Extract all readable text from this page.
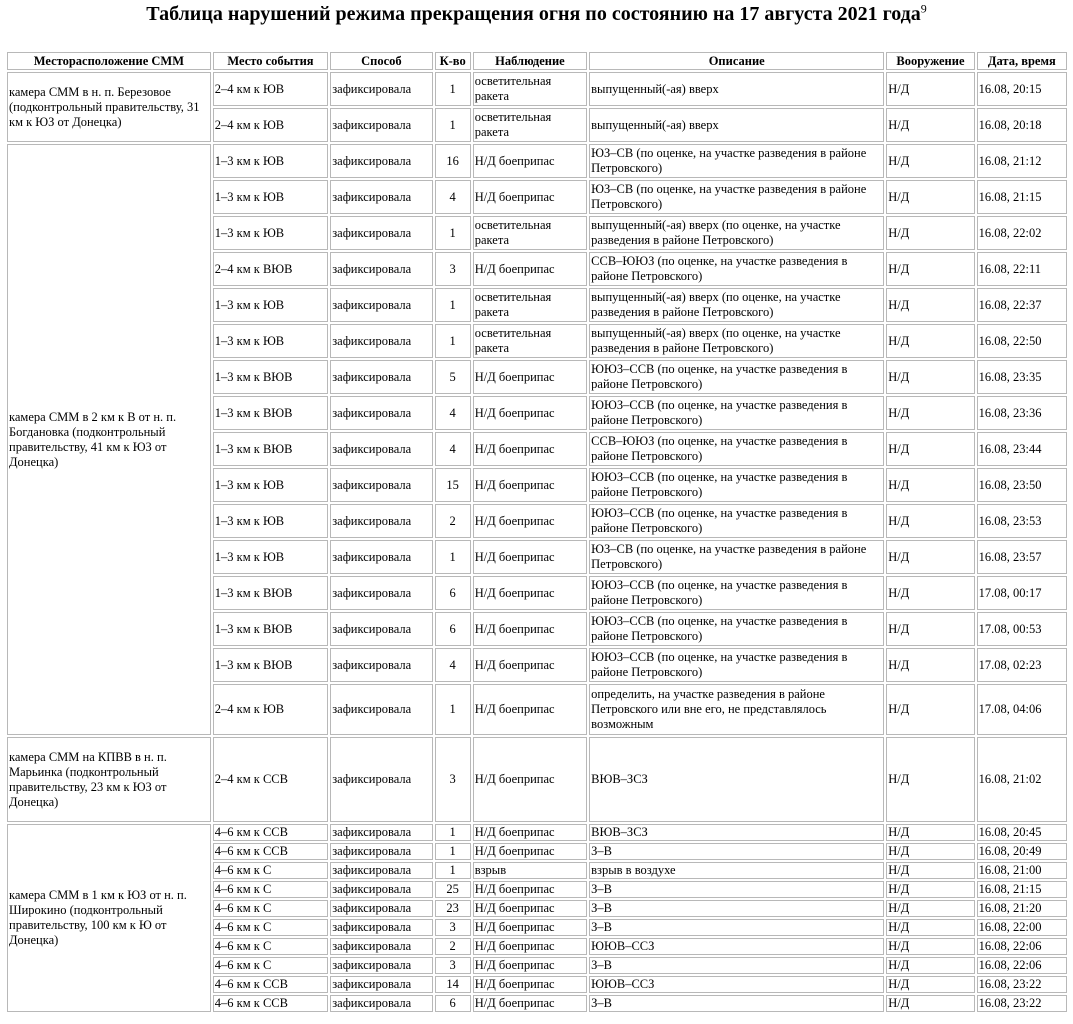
Таблица нарушений режима прекращения огня по состоянию на 17 августа 2021 года$^9$
Месторасположение СММ	Место события	Способ	К-во	Наблюдение	Описание	Вооружение	Дата, время
камера СММ в н. п. Березовое (подконтрольный правительству, 31 км к ЮЗ от Донецка)	2–4 км к ЮВ	зафиксировала	1	осветительная ракета	выпущенный(-ая) вверх	Н/Д	16.08, 20:15
	2–4 км к ЮВ	зафиксировала	1	осветительная ракета	выпущенный(-ая) вверх	Н/Д	16.08, 20:18
камера СММ в 2 км к В от н. п. Богдановка (подконтрольный правительству, 41 км к ЮЗ от Донецка)	1–3 км к ЮВ	зафиксировала	16	Н/Д боеприпас	ЮЗ–СВ (по оценке, на участке разведения в районе Петровского)	Н/Д	16.08, 21:12
	1–3 км к ЮВ	зафиксировала	4	Н/Д боеприпас	ЮЗ–СВ (по оценке, на участке разведения в районе Петровского)	Н/Д	16.08, 21:15
	1–3 км к ЮВ	зафиксировала	1	осветительная ракета	выпущенный(-ая) вверх (по оценке, на участке разведения в районе Петровского)	Н/Д	16.08, 22:02
	2–4 км к ВЮВ	зафиксировала	3	Н/Д боеприпас	ССВ–ЮЮЗ (по оценке, на участке разведения в районе Петровского)	Н/Д	16.08, 22:11
	1–3 км к ЮВ	зафиксировала	1	осветительная ракета	выпущенный(-ая) вверх (по оценке, на участке разведения в районе Петровского)	Н/Д	16.08, 22:37
	1–3 км к ЮВ	зафиксировала	1	осветительная ракета	выпущенный(-ая) вверх (по оценке, на участке разведения в районе Петровского)	Н/Д	16.08, 22:50
	1–3 км к ВЮВ	зафиксировала	5	Н/Д боеприпас	ЮЮЗ–ССВ (по оценке, на участке разведения в районе Петровского)	Н/Д	16.08, 23:35
	1–3 км к ВЮВ	зафиксировала	4	Н/Д боеприпас	ЮЮЗ–ССВ (по оценке, на участке разведения в районе Петровского)	Н/Д	16.08, 23:36
	1–3 км к ВЮВ	зафиксировала	4	Н/Д боеприпас	ССВ–ЮЮЗ (по оценке, на участке разведения в районе Петровского)	Н/Д	16.08, 23:44
	1–3 км к ЮВ	зафиксировала	15	Н/Д боеприпас	ЮЮЗ–ССВ (по оценке, на участке разведения в районе Петровского)	Н/Д	16.08, 23:50
	1–3 км к ЮВ	зафиксировала	2	Н/Д боеприпас	ЮЮЗ–ССВ (по оценке, на участке разведения в районе Петровского)	Н/Д	16.08, 23:53
	1–3 км к ЮВ	зафиксировала	1	Н/Д боеприпас	ЮЗ–СВ (по оценке, на участке разведения в районе Петровского)	Н/Д	16.08, 23:57
	1–3 км к ВЮВ	зафиксировала	6	Н/Д боеприпас	ЮЮЗ–ССВ (по оценке, на участке разведения в районе Петровского)	Н/Д	17.08, 00:17
	1–3 км к ВЮВ	зафиксировала	6	Н/Д боеприпас	ЮЮЗ–ССВ (по оценке, на участке разведения в районе Петровского)	Н/Д	17.08, 00:53
	1–3 км к ВЮВ	зафиксировала	4	Н/Д боеприпас	ЮЮЗ–ССВ (по оценке, на участке разведения в районе Петровского)	Н/Д	17.08, 02:23
	2–4 км к ЮВ	зафиксировала	1	Н/Д боеприпас	определить, на участке разведения в районе Петровского или вне его, не представлялось возможным	Н/Д	17.08, 04:06
камера СММ на КПВВ в н. п. Марьинка (подконтрольный правительству, 23 км к ЮЗ от Донецка)	2–4 км к ССВ	зафиксировала	3	Н/Д боеприпас	ВЮВ–ЗСЗ	Н/Д	16.08, 21:02
камера СММ в 1 км к ЮЗ от н. п. Широкино (подконтрольный правительству, 100 км к Ю от Донецка)	4–6 км к ССВ	зафиксировала	1	Н/Д боеприпас	ВЮВ–ЗСЗ	Н/Д	16.08, 20:45
	4–6 км к ССВ	зафиксировала	1	Н/Д боеприпас	З–В	Н/Д	16.08, 20:49
	4–6 км к С	зафиксировала	1	взрыв	взрыв в воздухе	Н/Д	16.08, 21:00
	4–6 км к С	зафиксировала	25	Н/Д боеприпас	З–В	Н/Д	16.08, 21:15
	4–6 км к С	зафиксировала	23	Н/Д боеприпас	З–В	Н/Д	16.08, 21:20
	4–6 км к С	зафиксировала	3	Н/Д боеприпас	З–В	Н/Д	16.08, 22:00
	4–6 км к С	зафиксировала	2	Н/Д боеприпас	ЮЮВ–ССЗ	Н/Д	16.08, 22:06
	4–6 км к С	зафиксировала	3	Н/Д боеприпас	З–В	Н/Д	16.08, 22:06
	4–6 км к ССВ	зафиксировала	14	Н/Д боеприпас	ЮЮВ–ССЗ	Н/Д	16.08, 23:22
	4–6 км к ССВ	зафиксировала	6	Н/Д боеприпас	З–В	Н/Д	16.08, 23:22
